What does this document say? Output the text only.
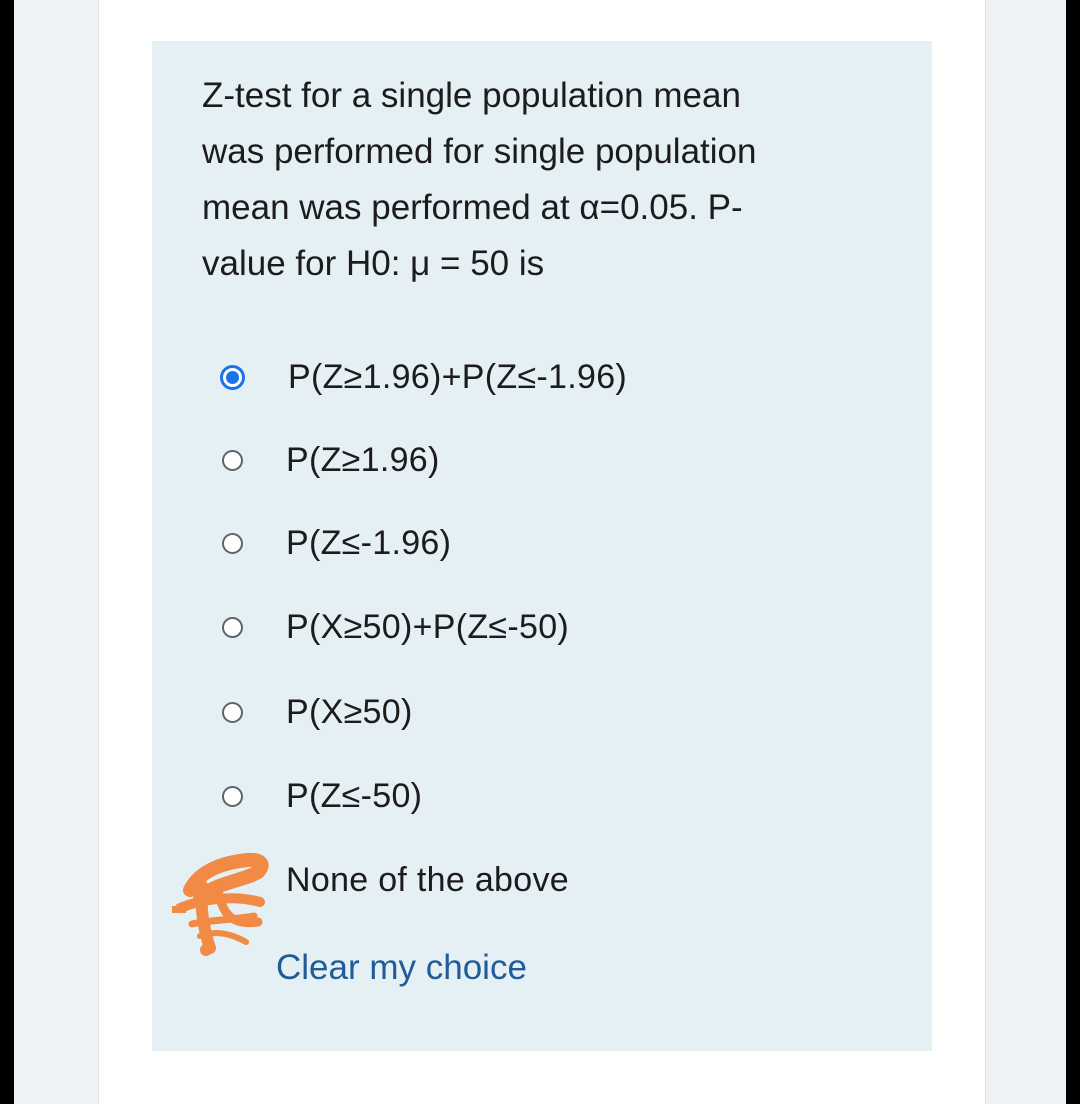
Z-test for a single population mean
was performed for single population
mean was performed at α=0.05. P-
value for H0: μ = 50 is

P(Z≥1.96)+P(Z≤-1.96)
P(Z≥1.96)
P(Z≤-1.96)
P(X≥50)+P(Z≤-50)
P(X≥50)
P(Z≤-50)
None of the above
Clear my choice
